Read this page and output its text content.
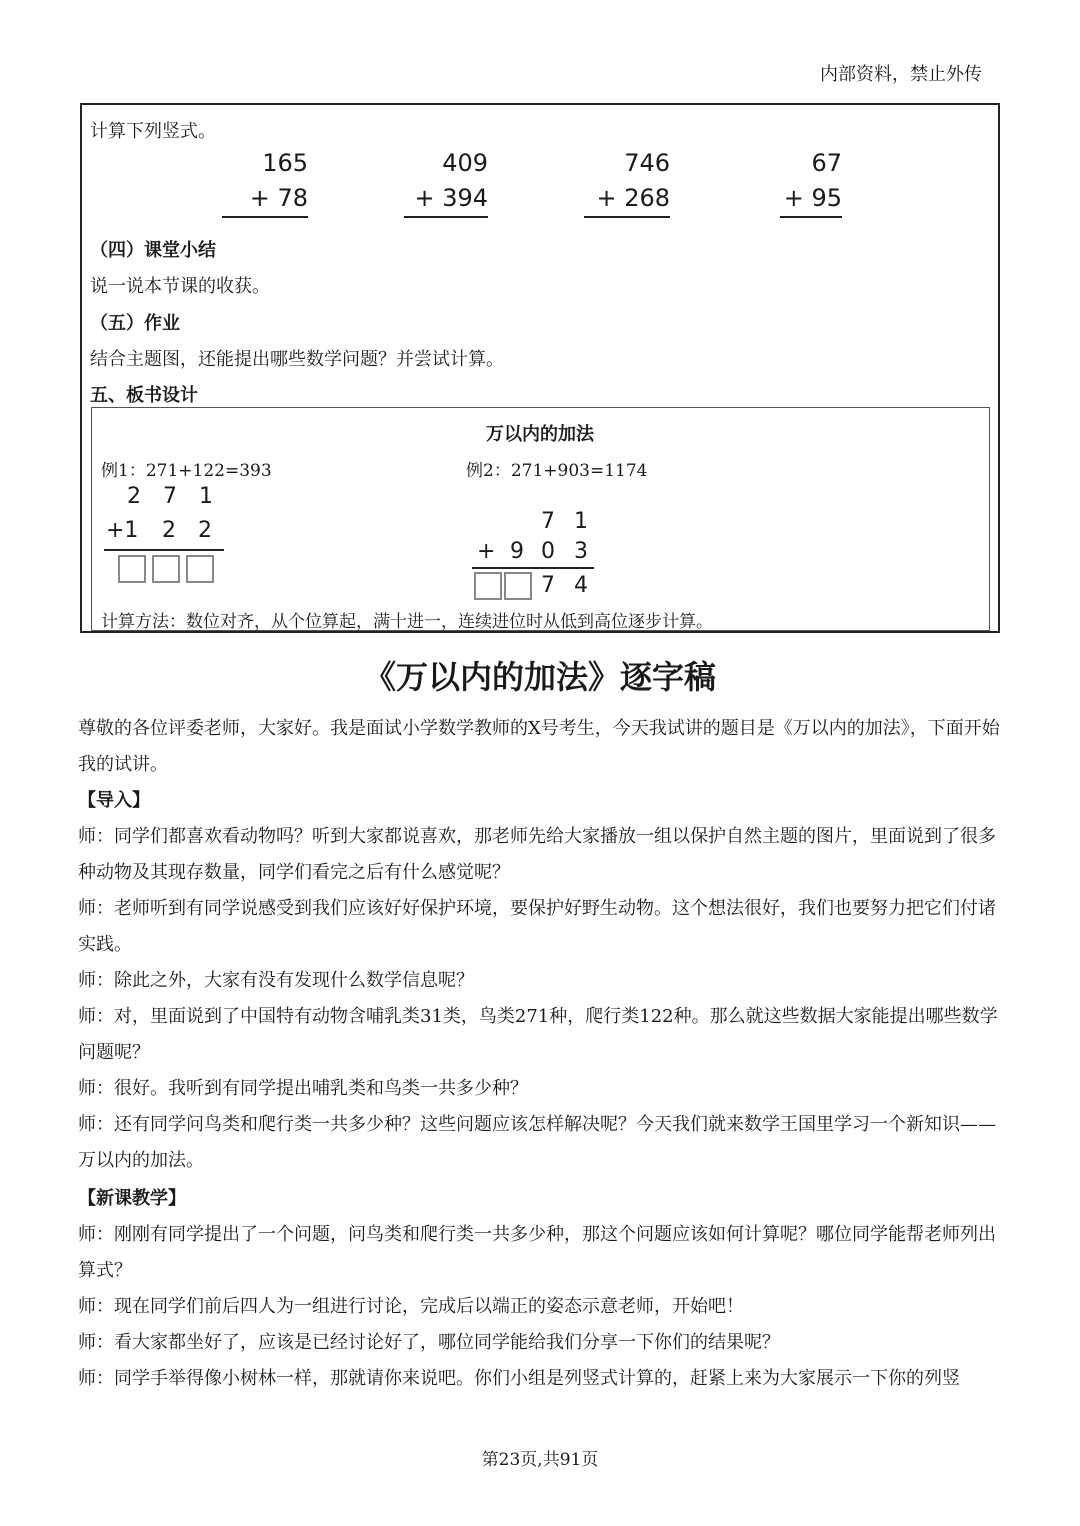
内部资料，禁止外传
计算下列竖式。
165
+ 78
409
+ 394
746
+ 268
67
+ 95
（四）课堂小结
说一说本节课的收获。
（五）作业
结合主题图，还能提出哪些数学问题？并尝试计算。
五、板书设计
万以内的加法
例1：271+122=393	例2：271+903=1174
2 7 1
+1 2 2	7 1
+ 9 0 3
7 4
计算方法：数位对齐，从个位算起，满十进一，连续进位时从低到高位逐步计算。
《万以内的加法》逐字稿
尊敬的各位评委老师，大家好。我是面试小学数学教师的X号考生，今天我试讲的题目是《万以内的加法》，下面开始我的试讲。
【导入】
师：同学们都喜欢看动物吗？听到大家都说喜欢，那老师先给大家播放一组以保护自然主题的图片，里面说到了很多种动物及其现存数量，同学们看完之后有什么感觉呢？
师：老师听到有同学说感受到我们应该好好保护环境，要保护好野生动物。这个想法很好，我们也要努力把它们付诸实践。
师：除此之外，大家有没有发现什么数学信息呢？
师：对，里面说到了中国特有动物含哺乳类31类，鸟类271种，爬行类122种。那么就这些数据大家能提出哪些数学问题呢？
师：很好。我听到有同学提出哺乳类和鸟类一共多少种？
师：还有同学问鸟类和爬行类一共多少种？这些问题应该怎样解决呢？今天我们就来数学王国里学习一个新知识——万以内的加法。
【新课教学】
师：刚刚有同学提出了一个问题，问鸟类和爬行类一共多少种，那这个问题应该如何计算呢？哪位同学能帮老师列出算式？
师：现在同学们前后四人为一组进行讨论，完成后以端正的姿态示意老师，开始吧！
师：看大家都坐好了，应该是已经讨论好了，哪位同学能给我们分享一下你们的结果呢？
师：同学手举得像小树林一样，那就请你来说吧。你们小组是列竖式计算的，赶紧上来为大家展示一下你的列竖
第23页,共91页
